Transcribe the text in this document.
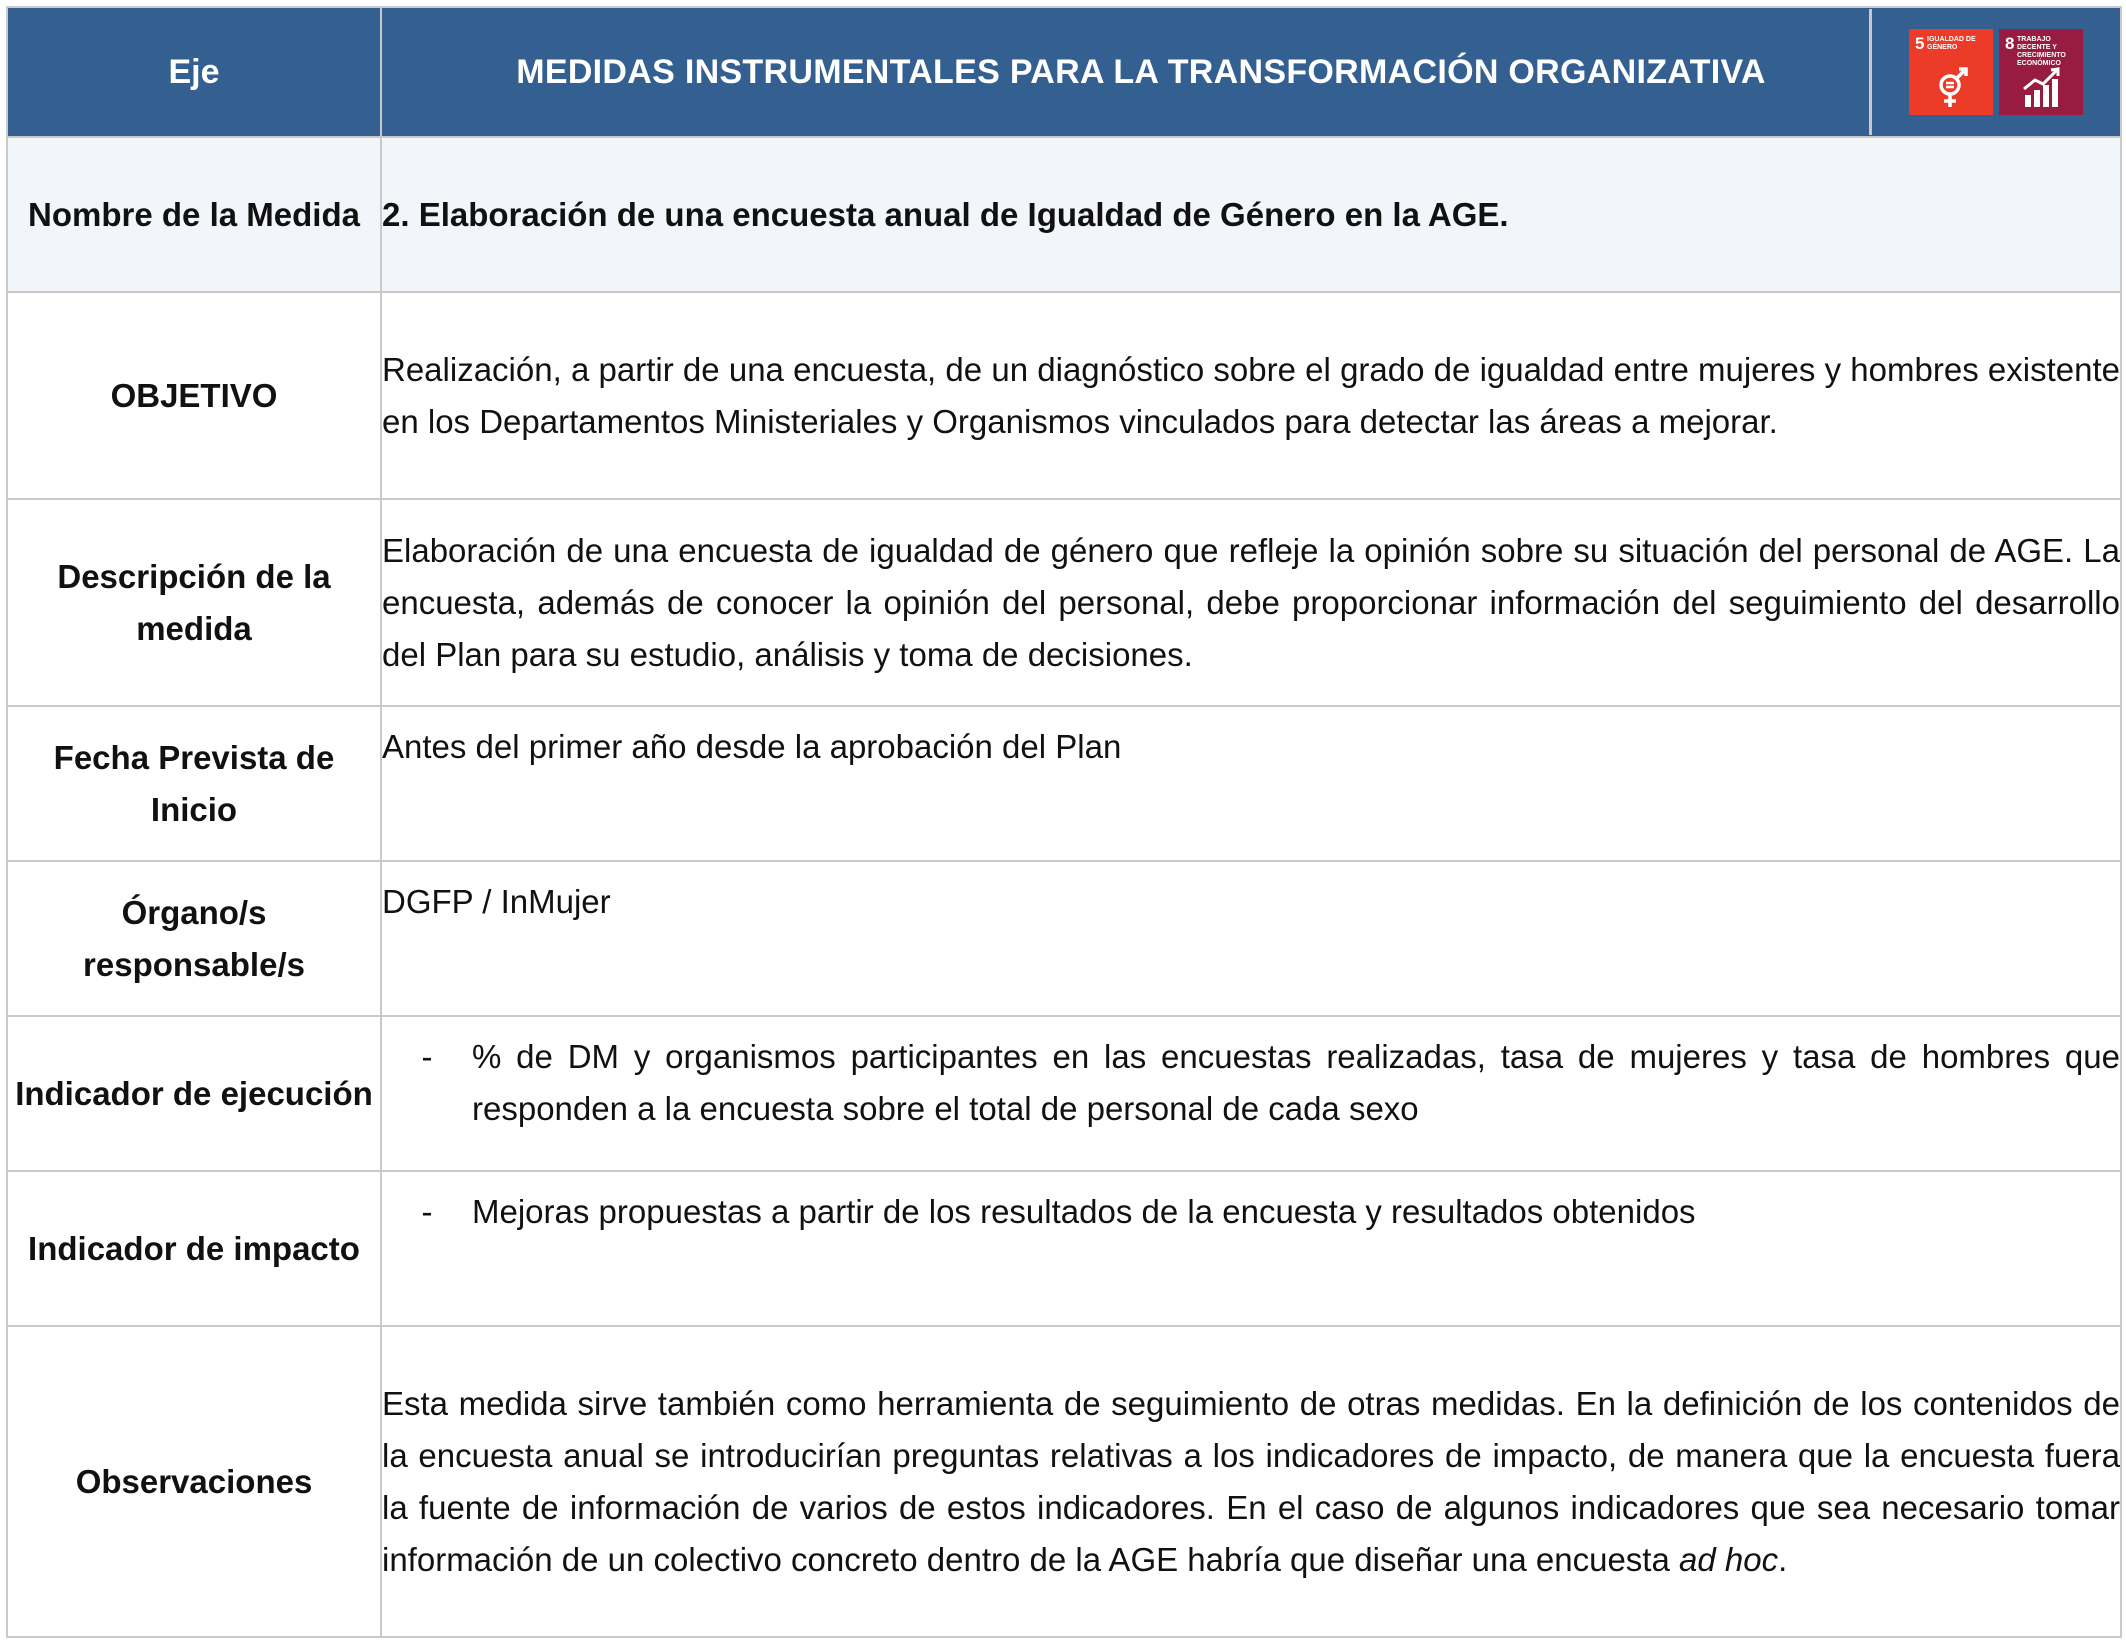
Eje	MEDIDAS INSTRUMENTALES PARA LA TRANSFORMACIÓN ORGANIZATIVA
5 IGUALDAD DE GÉNERO 8 TRABAJO DECENTE Y CRECIMIENTO ECONÓMICO

Nombre de la Medida	2. Elaboración de una encuesta anual de Igualdad de Género en la AGE.
OBJETIVO	Realización, a partir de una encuesta, de un diagnóstico sobre el grado de igualdad entre mujeres y hombres existente en los Departamentos Ministeriales y Organismos vinculados para detectar las áreas a mejorar.
Descripción de la medida	Elaboración de una encuesta de igualdad de género que refleje la opinión sobre su situación del personal de AGE. La encuesta, además de conocer la opinión del personal, debe proporcionar información del seguimiento del desarrollo del Plan para su estudio, análisis y toma de decisiones.
Fecha Prevista de Inicio	Antes del primer año desde la aprobación del Plan
Órgano/s responsable/s	DGFP / InMujer
Indicador de ejecución	- % de DM y organismos participantes en las encuestas realizadas, tasa de mujeres y tasa de hombres que responden a la encuesta sobre el total de personal de cada sexo

Indicador de impacto	- Mejoras propuestas a partir de los resultados de la encuesta y resultados obtenidos

Observaciones	Esta medida sirve también como herramienta de seguimiento de otras medidas. En la definición de los contenidos de la encuesta anual se introducirían preguntas relativas a los indicadores de impacto, de manera que la encuesta fuera la fuente de información de varios de estos indicadores. En el caso de algunos indicadores que sea necesario tomar información de un colectivo concreto dentro de la AGE habría que diseñar una encuesta ad hoc.
